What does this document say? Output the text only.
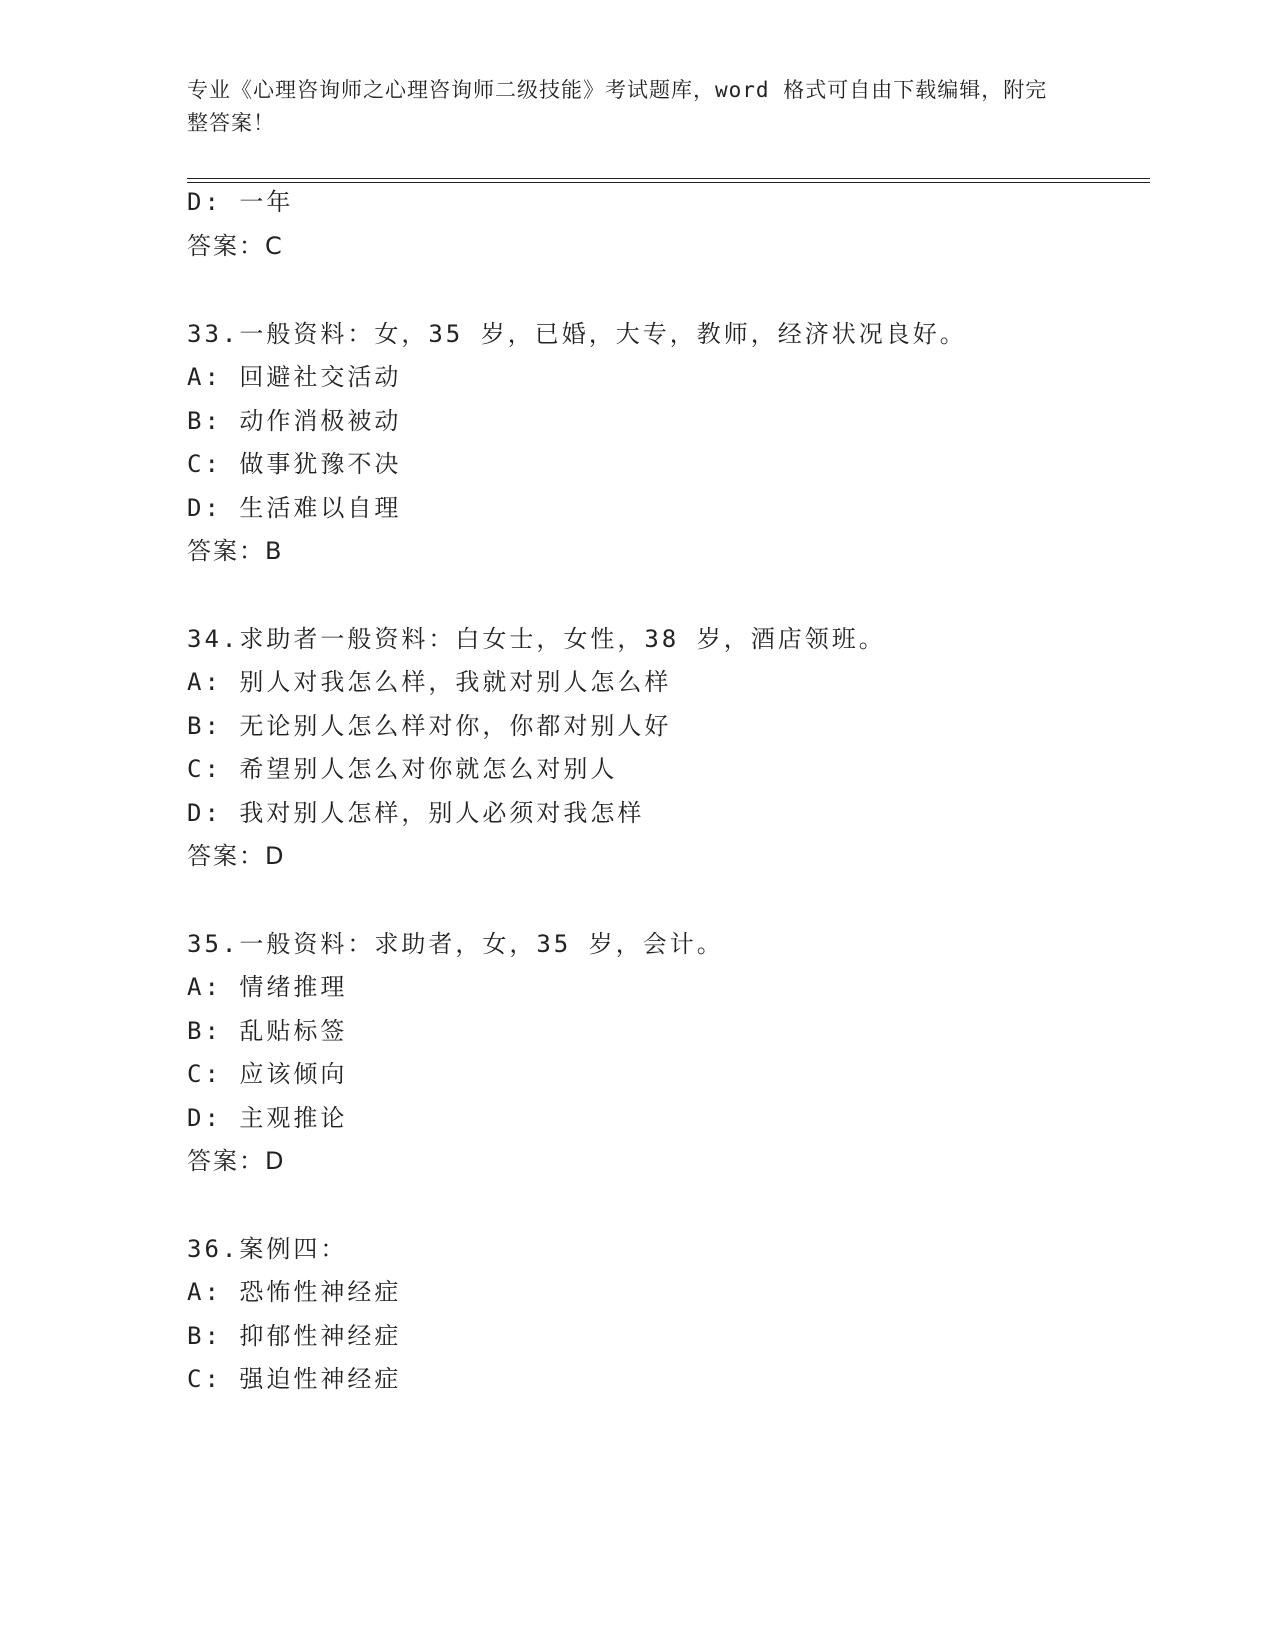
专业《心理咨询师之心理咨询师二级技能》考试题库，word 格式可自由下载编辑，附完整答案！
D: 一年
答案：C
33.一般资料：女，35 岁，已婚，大专，教师，经济状况良好。
A: 回避社交活动
B: 动作消极被动
C: 做事犹豫不决
D: 生活难以自理
答案：B
34.求助者一般资料：白女士，女性，38 岁，酒店领班。
A: 别人对我怎么样，我就对别人怎么样
B: 无论别人怎么样对你，你都对别人好
C: 希望别人怎么对你就怎么对别人
D: 我对别人怎样，别人必须对我怎样
答案：D
35.一般资料：求助者，女，35 岁，会计。
A: 情绪推理
B: 乱贴标签
C: 应该倾向
D: 主观推论
答案：D
36.案例四：
A: 恐怖性神经症
B: 抑郁性神经症
C: 强迫性神经症
